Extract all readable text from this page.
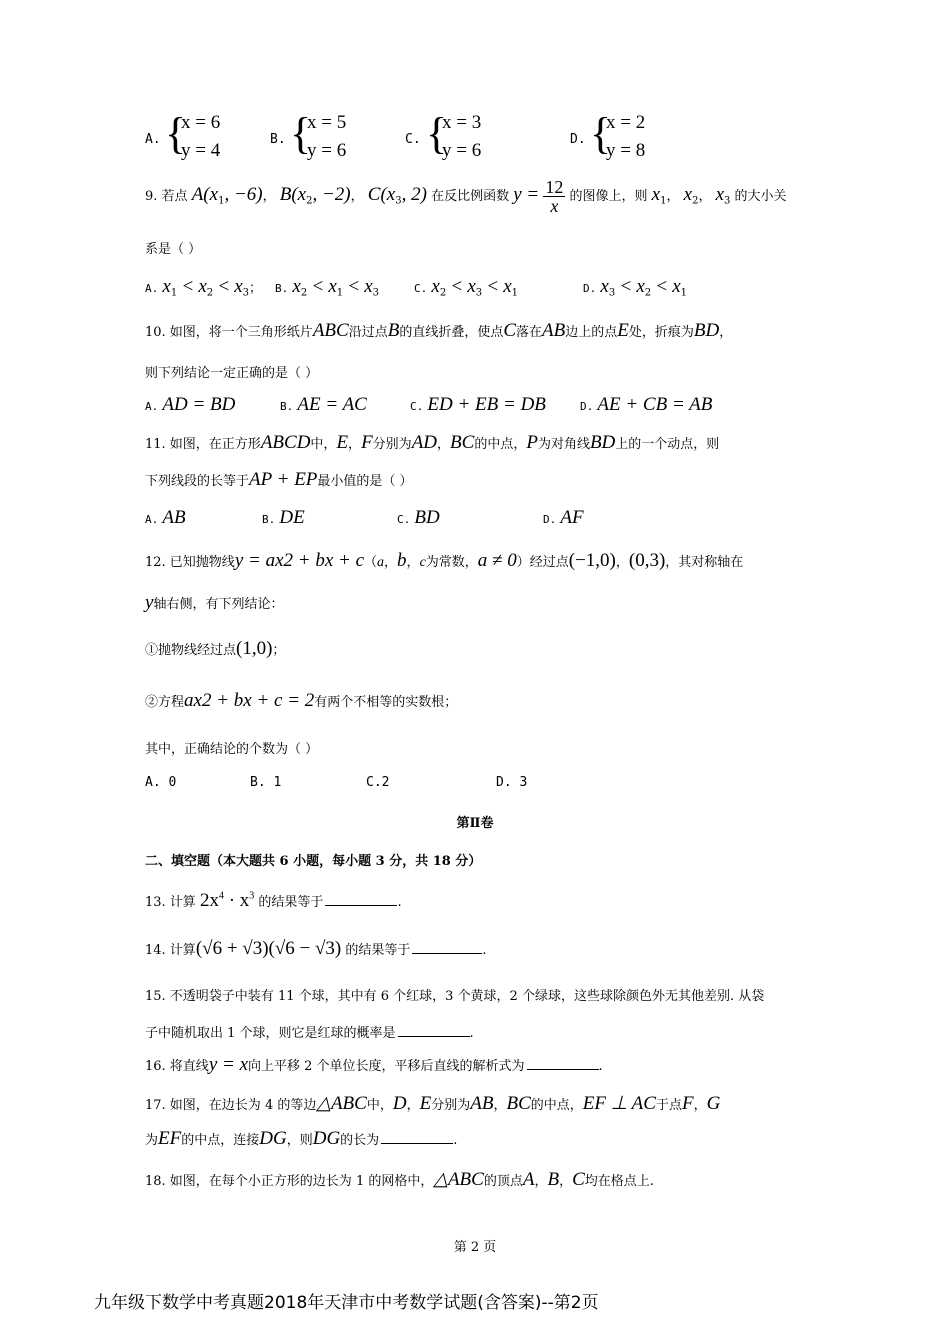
A. {
x = 6
y = 4
B. {
x = 5
y = 6
C. {
x = 3
y = 6
D. {
x = 2
y = 8
9. 若点 $A(x_1$, −6)， $B(x_2$, −2)， $C(x_3$, 2) 在反比例函数 $y = \frac{12}{x}$ 的图像上，则 $x_1$， $x_2$， $x_3$ 的大小关
系是（ ）
A. $x_1 < x_2 < x_3$； B. $x_2 < x_1 < x_3$	C. $x_2 < x_3 < x_1$	D. $x_3 < x_2 < x_1$
10. 如图，将一个三角形纸片ABC沿过点B的直线折叠，使点C落在AB边上的点E处，折痕为BD，
则下列结论一定正确的是（ ）
A. AD = BD	B. AE = AC	C. ED + EB = DB	D. AE + CB = AB
11. 如图，在正方形ABCD中，E，F分别为AD，BC的中点，P为对角线BD上的一个动点，则
下列线段的长等于AP + EP最小值的是（ ）
A. AB	B. DE	C. BD	D. AF
12. 已知抛物线y = ax2 + bx + c（a，b，c为常数，a ≠ 0）经过点(−1,0)，(0,3)，其对称轴在
y轴右侧，有下列结论：
①抛物线经过点(1,0)；
②方程ax2 + bx + c = 2有两个不相等的实数根；
其中，正确结论的个数为（ ）
A. 0	B. 1	C.2	D. 3
第Ⅱ卷
二、填空题（本大题共 6 小题，每小题 3 分，共 18 分）
13. 计算 $2x^4 \cdot x^3$ 的结果等于	.
14. 计算(√6 + √3)(√6 − √3) 的结果等于	.
15. 不透明袋子中装有 11 个球，其中有 6 个红球，3 个黄球，2 个绿球，这些球除颜色外无其他差别. 从袋
子中随机取出 1 个球，则它是红球的概率是	.
16. 将直线y = x向上平移 2 个单位长度，平移后直线的解析式为	.
17. 如图，在边长为 4 的等边△ABC中，D，E分别为AB，BC的中点，EF ⊥ AC于点F，G
为EF的中点，连接DG，则DG的长为	.
18. 如图，在每个小正方形的边长为 1 的网格中，△ABC的顶点A，B，C均在格点上.
第 2 页
九年级下数学中考真题2018年天津市中考数学试题(含答案)--第2页
